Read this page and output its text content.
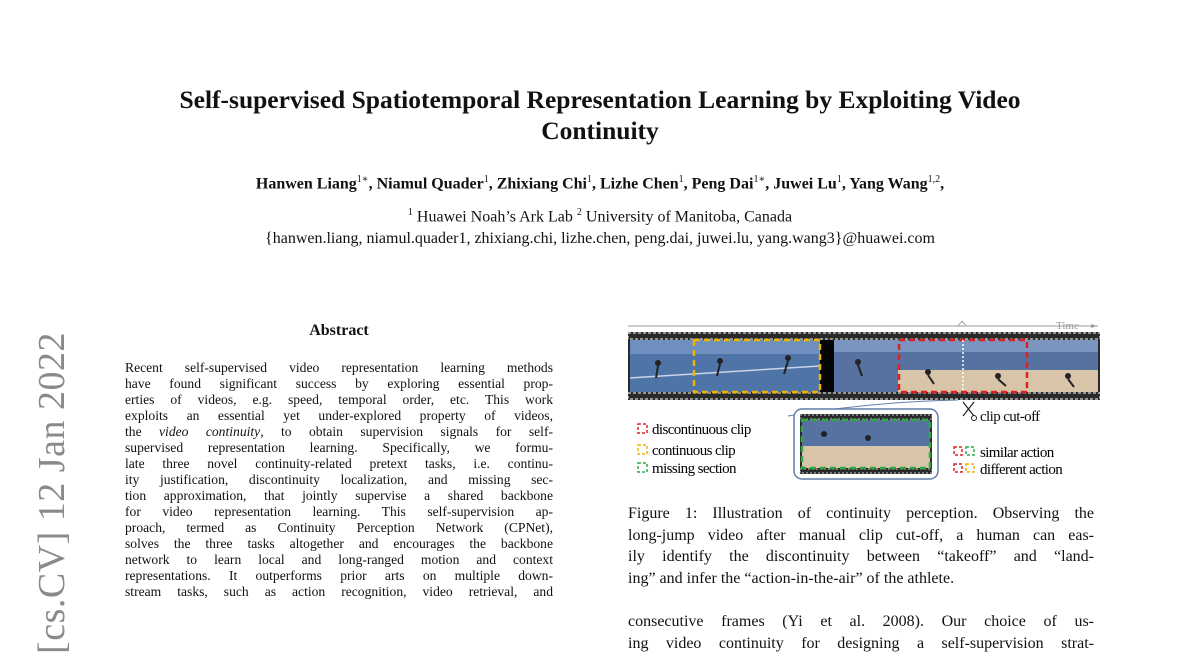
Self-supervised Spatiotemporal Representation Learning by Exploiting Video
Continuity
Hanwen Liang$^{1∗}$, Niamul Quader$^1$, Zhixiang Chi$^1$, Lizhe Chen$^1$, Peng Dai$^{1∗}$, Juwei Lu$^1$, Yang Wang$^{1,2}$,
$^1$ Huawei Noah’s Ark Lab $^2$ University of Manitoba, Canada
{hanwen.liang, niamul.quader1, zhixiang.chi, lizhe.chen, peng.dai, juwei.lu, yang.wang3}@huawei.com
[cs.CV] 12 Jan 2022
Abstract
Recent self-supervised video representation learning methods
have found significant success by exploring essential prop-
erties of videos, e.g. speed, temporal order, etc. This work
exploits an essential yet under-explored property of videos,
the video continuity, to obtain supervision signals for self-
supervised representation learning. Specifically, we formu-
late three novel continuity-related pretext tasks, i.e. continu-
ity justification, discontinuity localization, and missing sec-
tion approximation, that jointly supervise a shared backbone
for video representation learning. This self-supervision ap-
proach, termed as Continuity Perception Network (CPNet),
solves the three tasks altogether and encourages the backbone
network to learn local and long-ranged motion and context
representations. It outperforms prior arts on multiple down-
stream tasks, such as action recognition, video retrieval, and
Time
clip cut-off
discontinuous clip
continuous clip
missing section
similar action
different action
Figure 1: Illustration of continuity perception. Observing the
long-jump video after manual clip cut-off, a human can eas-
ily identify the discontinuity between “takeoff” and “land-
ing” and infer the “action-in-the-air” of the athlete.
consecutive frames (Yi et al. 2008). Our choice of us-
ing video continuity for designing a self-supervision strat-
